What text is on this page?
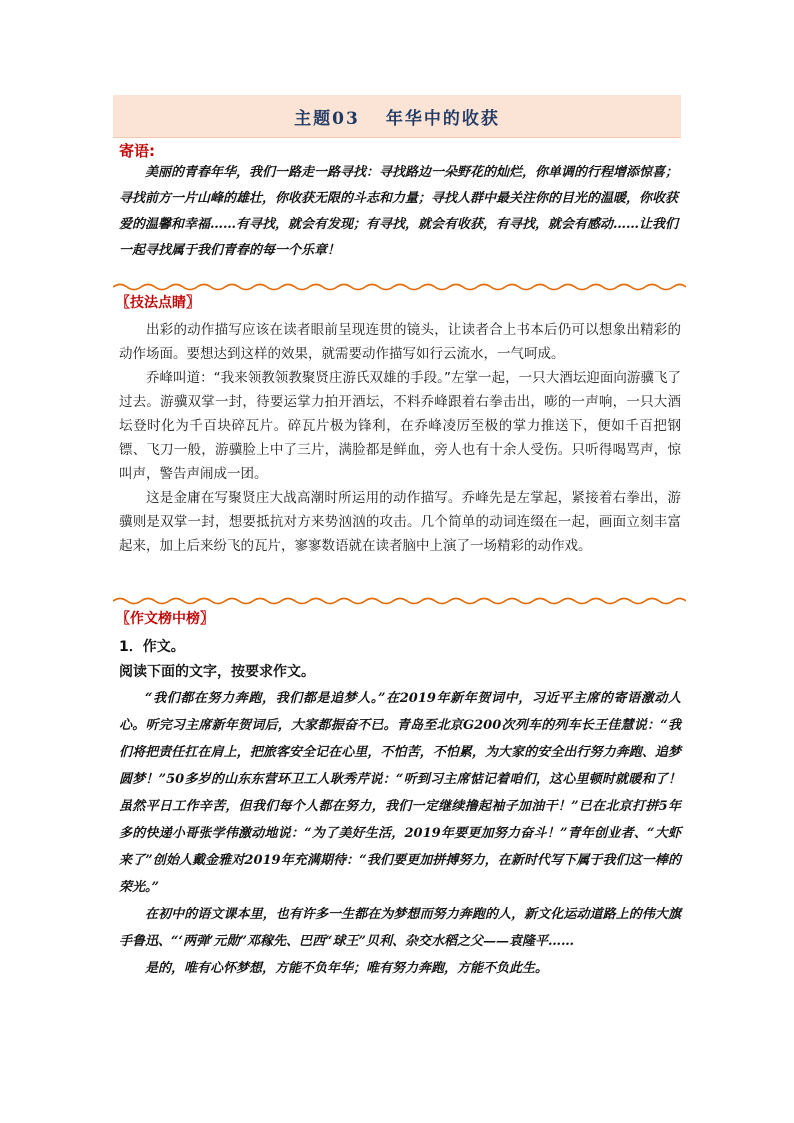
主题03 年华中的收获
寄语:

美丽的青春年华，我们一路走一路寻找：寻找路边一朵野花的灿烂，你单调的行程增添惊喜；寻找前方一片山峰的雄壮，你收获无限的斗志和力量；寻找人群中最关注你的目光的温暖，你收获爱的温馨和幸福……有寻找，就会有发现；有寻找，就会有收获，有寻找，就会有感动……让我们一起寻找属于我们青春的每一个乐章！

〖技法点睛〗

出彩的动作描写应该在读者眼前呈现连贯的镜头，让读者合上书本后仍可以想象出精彩的动作场面。要想达到这样的效果，就需要动作描写如行云流水，一气呵成。

乔峰叫道：“我来领教领教聚贤庄游氏双雄的手段。”左掌一起，一只大酒坛迎面向游骥飞了过去。游骥双掌一封，待要运掌力拍开酒坛，不料乔峰跟着右拳击出，嘭的一声响，一只大酒坛登时化为千百块碎瓦片。碎瓦片极为锋利，在乔峰凌厉至极的掌力推送下，便如千百把钢镖、飞刀一般，游骥脸上中了三片，满脸都是鲜血，旁人也有十余人受伤。只听得喝骂声，惊叫声，警告声闹成一团。

这是金庸在写聚贤庄大战高潮时所运用的动作描写。乔峰先是左掌起，紧接着右拳出，游骥则是双掌一封，想要抵抗对方来势汹汹的攻击。几个简单的动词连缀在一起，画面立刻丰富起来，加上后来纷飞的瓦片，寥寥数语就在读者脑中上演了一场精彩的动作戏。

〖作文榜中榜〗
1．作文。
阅读下面的文字，按要求作文。

“我们都在努力奔跑，我们都是追梦人。”在2019年新年贺词中，习近平主席的寄语激动人心。听完习主席新年贺词后，大家都振奋不已。青岛至北京G200次列车的列车长王佳慧说：“我们将把责任扛在肩上，把旅客安全记在心里，不怕苦，不怕累，为大家的安全出行努力奔跑、追梦圆梦！”50多岁的山东东营环卫工人耿秀芹说：“听到习主席惦记着咱们，这心里顿时就暖和了！虽然平日工作辛苦，但我们每个人都在努力，我们一定继续撸起袖子加油干！”已在北京打拼5年多的快递小哥张学伟激动地说：“为了美好生活，2019年要更加努力奋斗！”青年创业者、“大虾来了”创始人戴金雅对2019年充满期待：“我们要更加拼搏努力，在新时代写下属于我们这一棒的荣光。”

在初中的语文课本里，也有许多一生都在为梦想而努力奔跑的人，新文化运动道路上的伟大旗手鲁迅、“‘两弹’元勋”邓稼先、巴西“球王”贝利、杂交水稻之父——袁隆平……

是的，唯有心怀梦想，方能不负年华；唯有努力奔跑，方能不负此生。
